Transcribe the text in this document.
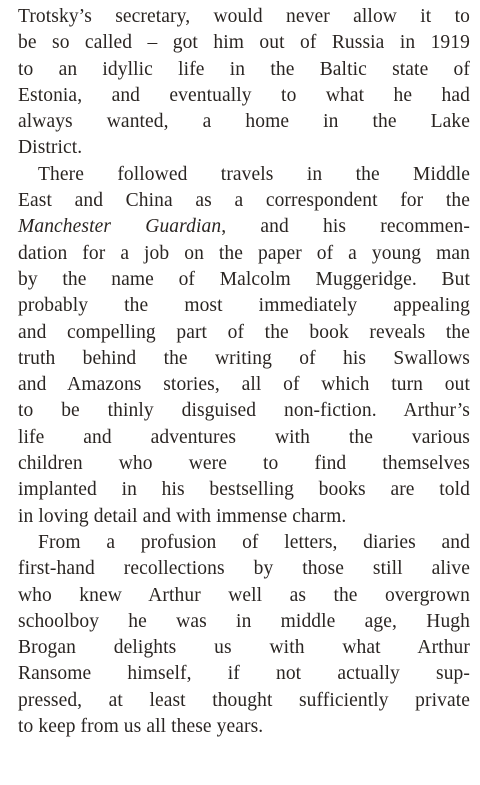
Trotsky’s secretary, would never allow it to
be so called – got him out of Russia in 1919
to an idyllic life in the Baltic state of
Estonia, and eventually to what he had
always wanted, a home in the Lake
District.
There followed travels in the Middle
East and China as a correspondent for the
Manchester Guardian, and his recommen-
dation for a job on the paper of a young man
by the name of Malcolm Muggeridge. But
probably the most immediately appealing
and compelling part of the book reveals the
truth behind the writing of his Swallows
and Amazons stories, all of which turn out
to be thinly disguised non-fiction. Arthur’s
life and adventures with the various
children who were to find themselves
implanted in his bestselling books are told
in loving detail and with immense charm.
From a profusion of letters, diaries and
first-hand recollections by those still alive
who knew Arthur well as the overgrown
schoolboy he was in middle age, Hugh
Brogan delights us with what Arthur
Ransome himself, if not actually sup-
pressed, at least thought sufficiently private
to keep from us all these years.
